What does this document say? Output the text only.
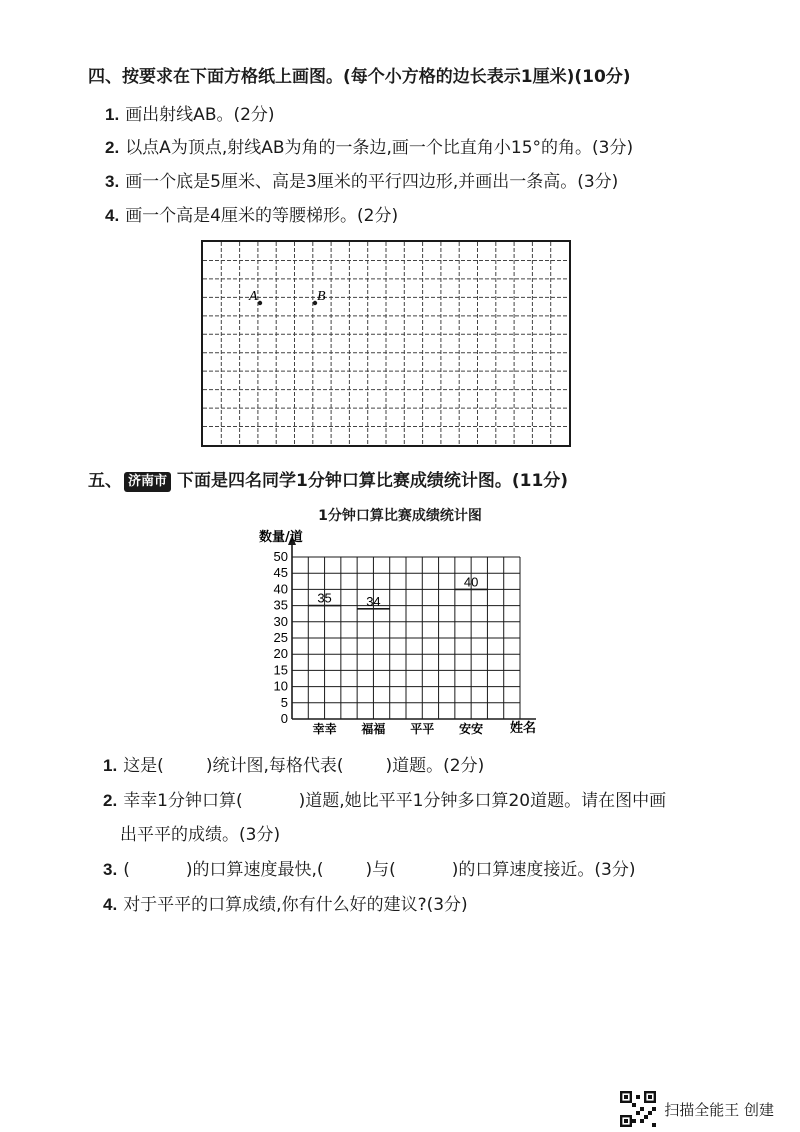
四、按要求在下面方格纸上画图。(每个小方格的边长表示1厘米)(10分)
1. 画出射线AB。(2分)
2. 以点A为顶点,射线AB为角的一条边,画一个比直角小15°的角。(3分)
3. 画一个底是5厘米、高是3厘米的平行四边形,并画出一条高。(3分)
4. 画一个高是4厘米的等腰梯形。(2分)
A	B
五、 济南市 下面是四名同学1分钟口算比赛成绩统计图。(11分)
1分钟口算比赛成绩统计图
35	34
40
0
5
10
15
20
25
30
35
40
45
50
幸幸 福福 平平 安安
数量/道
姓名
1. 这是( )统计图,每格代表( )道题。(2分)
2. 幸幸1分钟口算(	)道题,她比平平1分钟多口算20道题。请在图中画
出平平的成绩。(3分)
3. (	)的口算速度最快,( )与(	)的口算速度接近。(3分)
4. 对于平平的口算成绩,你有什么好的建议?(3分)
扫描全能王 创建
